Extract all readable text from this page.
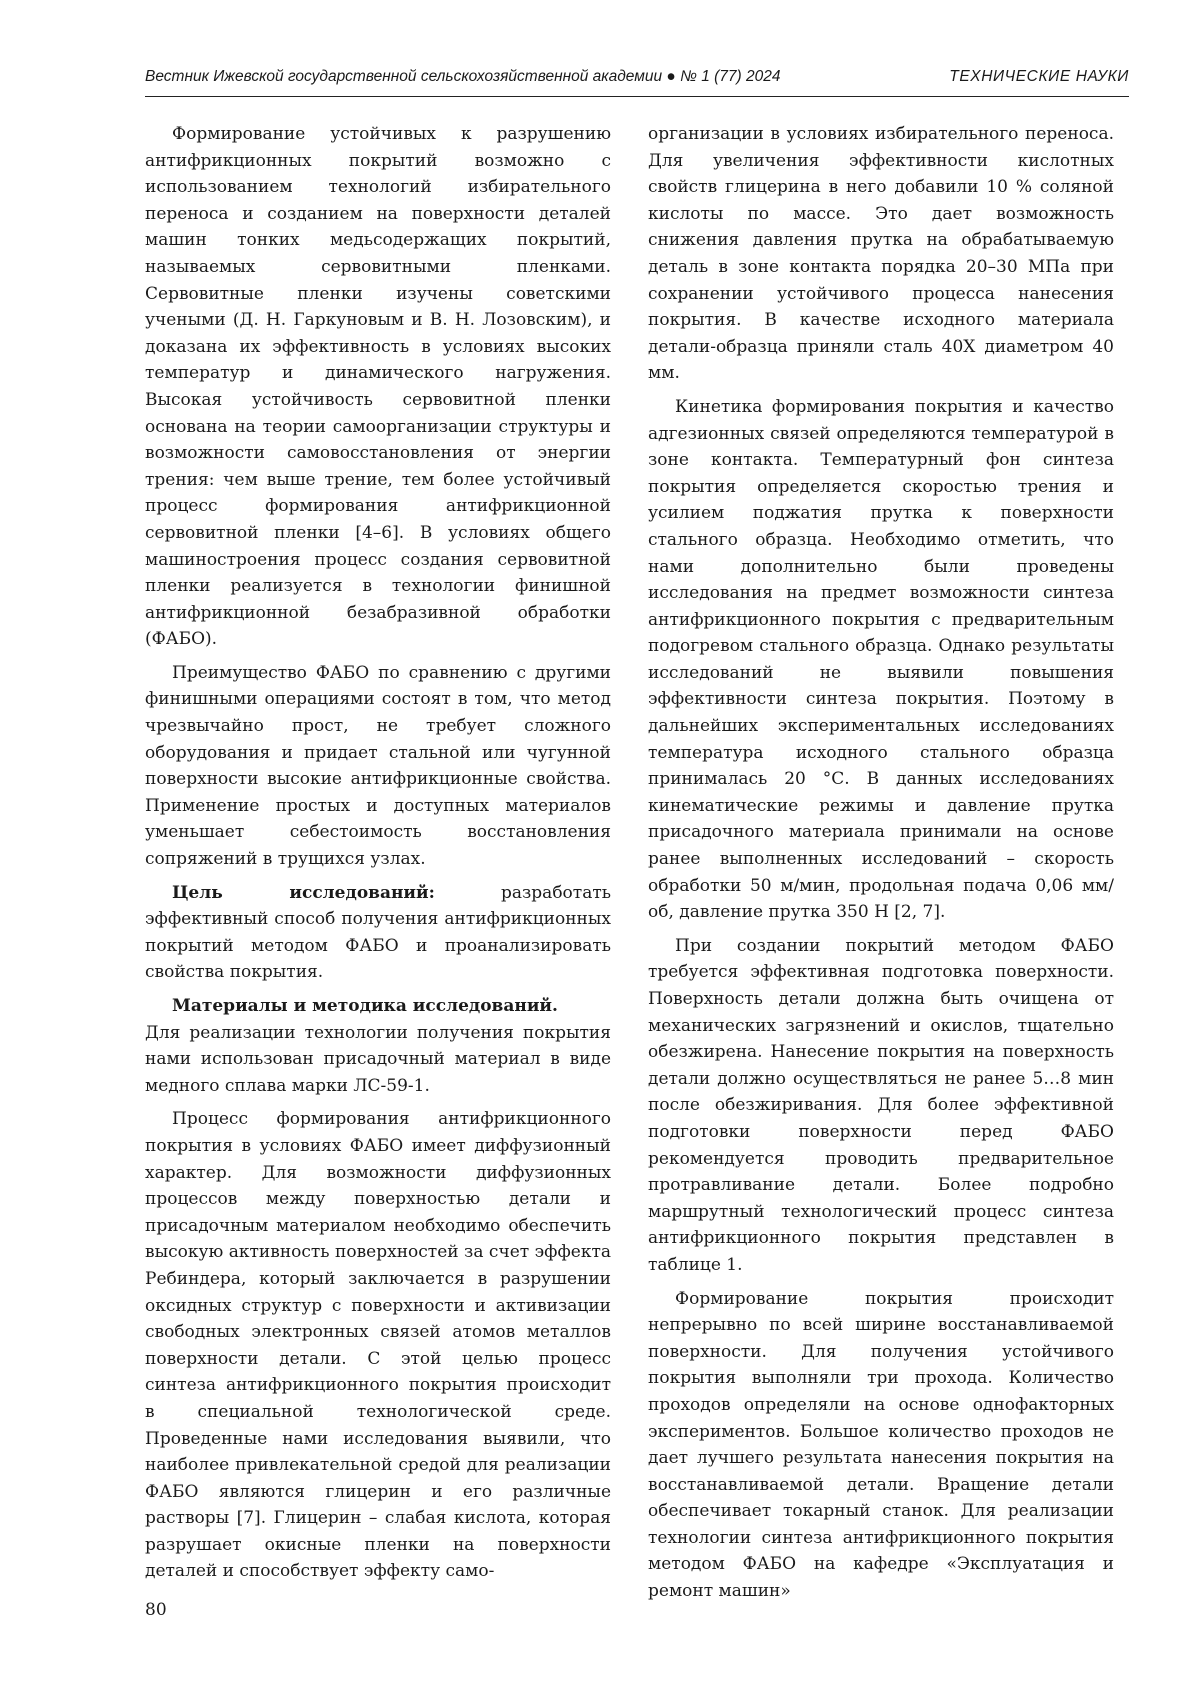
Вестник Ижевской государственной сельскохозяйственной академии ● № 1 (77) 2024	ТЕХНИЧЕСКИЕ НАУКИ

Формирование устойчивых к разрушению антифрикционных покрытий возможно с использованием технологий избирательного переноса и созданием на поверхности деталей машин тонких медьсодержащих покрытий, называемых сервовитными пленками. Сервовитные пленки изучены советскими учеными (Д. Н. Гаркуновым и В. Н. Лозовским), и доказана их эффективность в условиях высоких температур и динамического нагружения. Высокая устойчивость сервовитной пленки основана на теории самоорганизации структуры и возможности самовосстановления от энергии трения: чем выше трение, тем более устойчивый процесс формирования антифрикционной сервовитной пленки [4–6]. В условиях общего машиностроения процесс создания сервовитной пленки реализуется в технологии финишной антифрикционной безабразивной обработки (ФАБО).

Преимущество ФАБО по сравнению с другими финишными операциями состоят в том, что метод чрезвычайно прост, не требует сложного оборудования и придает стальной или чугунной поверхности высокие антифрикционные свойства. Применение простых и доступных материалов уменьшает себестоимость восстановления сопряжений в трущихся узлах.

Цель исследований: разработать эффективный способ получения антифрикционных покрытий методом ФАБО и проанализировать свойства покрытия.

Материалы и методика исследований.

Для реализации технологии получения покрытия нами использован присадочный материал в виде медного сплава марки ЛС-59-1.

Процесс формирования антифрикционного покрытия в условиях ФАБО имеет диффузионный характер. Для возможности диффузионных процессов между поверхностью детали и присадочным материалом необходимо обеспечить высокую активность поверхностей за счет эффекта Ребиндера, который заключается в разрушении оксидных структур с поверхности и активизации свободных электронных связей атомов металлов поверхности детали. С этой целью процесс синтеза антифрикционного покрытия происходит в специальной технологической среде. Проведенные нами исследования выявили, что наиболее привлекательной средой для реализации ФАБО являются глицерин и его различные растворы [7]. Глицерин – слабая кислота, которая разрушает окисные пленки на поверхности деталей и способствует эффекту само-

организации в условиях избирательного переноса. Для увеличения эффективности кислотных свойств глицерина в него добавили 10 % соляной кислоты по массе. Это дает возможность снижения давления прутка на обрабатываемую деталь в зоне контакта порядка 20–30 МПа при сохранении устойчивого процесса нанесения покрытия. В качестве исходного материала детали-образца приняли сталь 40Х диаметром 40 мм.

Кинетика формирования покрытия и качество адгезионных связей определяются температурой в зоне контакта. Температурный фон синтеза покрытия определяется скоростью трения и усилием поджатия прутка к поверхности стального образца. Необходимо отметить, что нами дополнительно были проведены исследования на предмет возможности синтеза антифрикционного покрытия с предварительным подогревом стального образца. Однако результаты исследований не выявили повышения эффективности синтеза покрытия. Поэтому в дальнейших экспериментальных исследованиях температура исходного стального образца принималась 20 °С. В данных исследованиях кинематические режимы и давление прутка присадочного материала принимали на основе ранее выполненных исследований – скорость обработки 50 м/мин, продольная подача 0,06 мм/об, давление прутка 350 Н [2, 7].

При создании покрытий методом ФАБО требуется эффективная подготовка поверхности. Поверхность детали должна быть очищена от механических загрязнений и окислов, тщательно обезжирена. Нанесение покрытия на поверхность детали должно осуществляться не ранее 5…8 мин после обезжиривания. Для более эффективной подготовки поверхности перед ФАБО рекомендуется проводить предварительное протравливание детали. Более подробно маршрутный технологический процесс синтеза антифрикционного покрытия представлен в таблице 1.

Формирование покрытия происходит непрерывно по всей ширине восстанавливаемой поверхности. Для получения устойчивого покрытия выполняли три прохода. Количество проходов определяли на основе однофакторных экспериментов. Большое количество проходов не дает лучшего результата нанесения покрытия на восстанавливаемой детали. Вращение детали обеспечивает токарный станок. Для реализации технологии синтеза антифрикционного покрытия методом ФАБО на кафедре «Эксплуатация и ремонт машин»

80
